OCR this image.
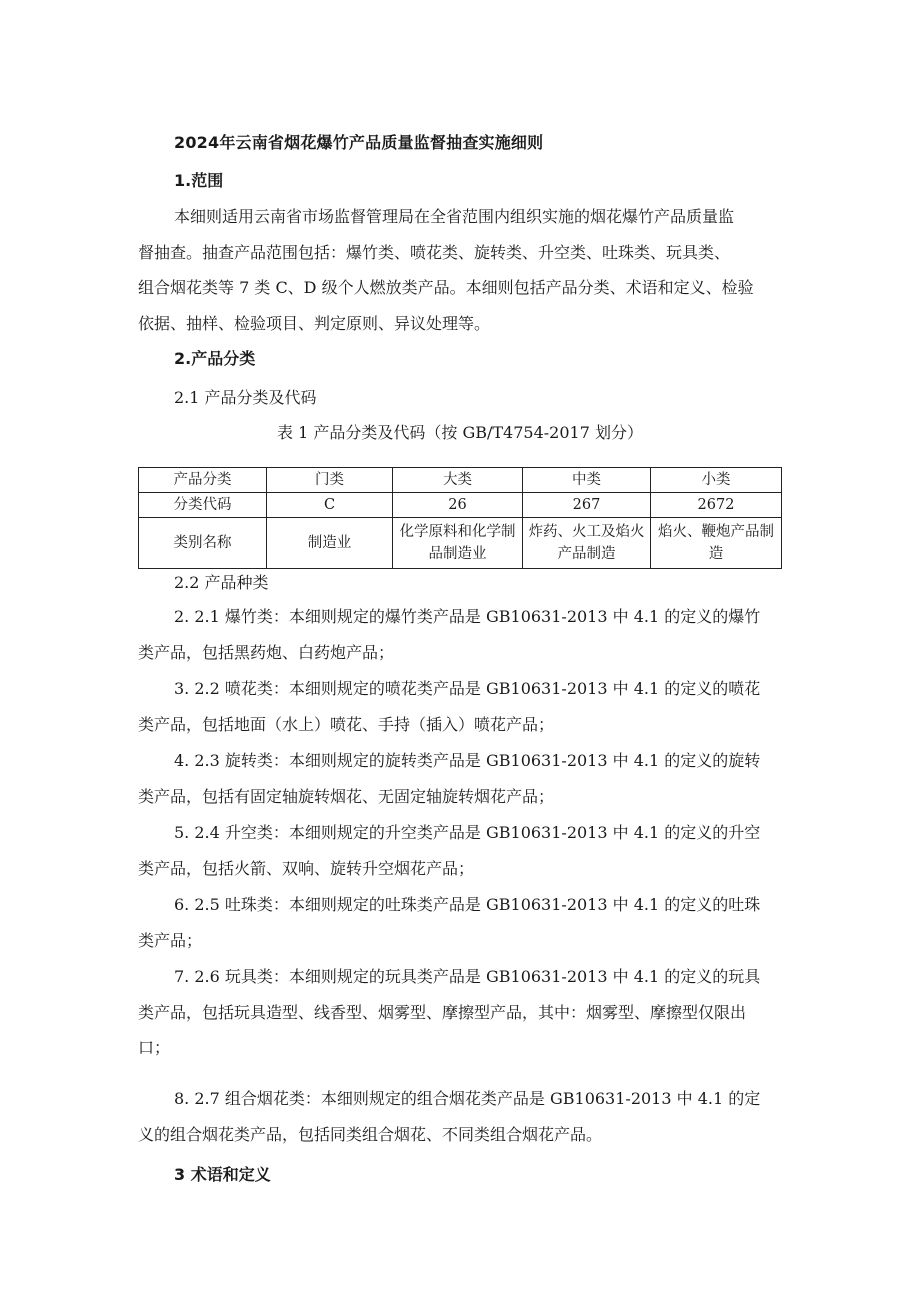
2024年云南省烟花爆竹产品质量监督抽查实施细则
1.范围
本细则适用云南省市场监督管理局在全省范围内组织实施的烟花爆竹产品质量监
督抽查。抽查产品范围包括：爆竹类、喷花类、旋转类、升空类、吐珠类、玩具类、
组合烟花类等 7 类 C、D 级个人燃放类产品。本细则包括产品分类、术语和定义、检验
依据、抽样、检验项目、判定原则、异议处理等。
2.产品分类
2.1 产品分类及代码
表 1 产品分类及代码（按 GB/T4754-2017 划分）
产品分类	门类	大类	中类	小类
分类代码	C	26	267	2672
类别名称	制造业	化学原料和化学制品制造业	炸药、火工及焰火产品制造	焰火、鞭炮产品制造
2.2 产品种类
2. 2.1 爆竹类：本细则规定的爆竹类产品是 GB10631-2013 中 4.1 的定义的爆竹
类产品，包括黑药炮、白药炮产品；
3. 2.2 喷花类：本细则规定的喷花类产品是 GB10631-2013 中 4.1 的定义的喷花
类产品，包括地面（水上）喷花、手持（插入）喷花产品；
4. 2.3 旋转类：本细则规定的旋转类产品是 GB10631-2013 中 4.1 的定义的旋转
类产品，包括有固定轴旋转烟花、无固定轴旋转烟花产品；
5. 2.4 升空类：本细则规定的升空类产品是 GB10631-2013 中 4.1 的定义的升空
类产品，包括火箭、双响、旋转升空烟花产品；
6. 2.5 吐珠类：本细则规定的吐珠类产品是 GB10631-2013 中 4.1 的定义的吐珠
类产品；
7. 2.6 玩具类：本细则规定的玩具类产品是 GB10631-2013 中 4.1 的定义的玩具
类产品，包括玩具造型、线香型、烟雾型、摩擦型产品，其中：烟雾型、摩擦型仅限出
口；
8. 2.7 组合烟花类：本细则规定的组合烟花类产品是 GB10631-2013 中 4.1 的定
义的组合烟花类产品，包括同类组合烟花、不同类组合烟花产品。
3 术语和定义
